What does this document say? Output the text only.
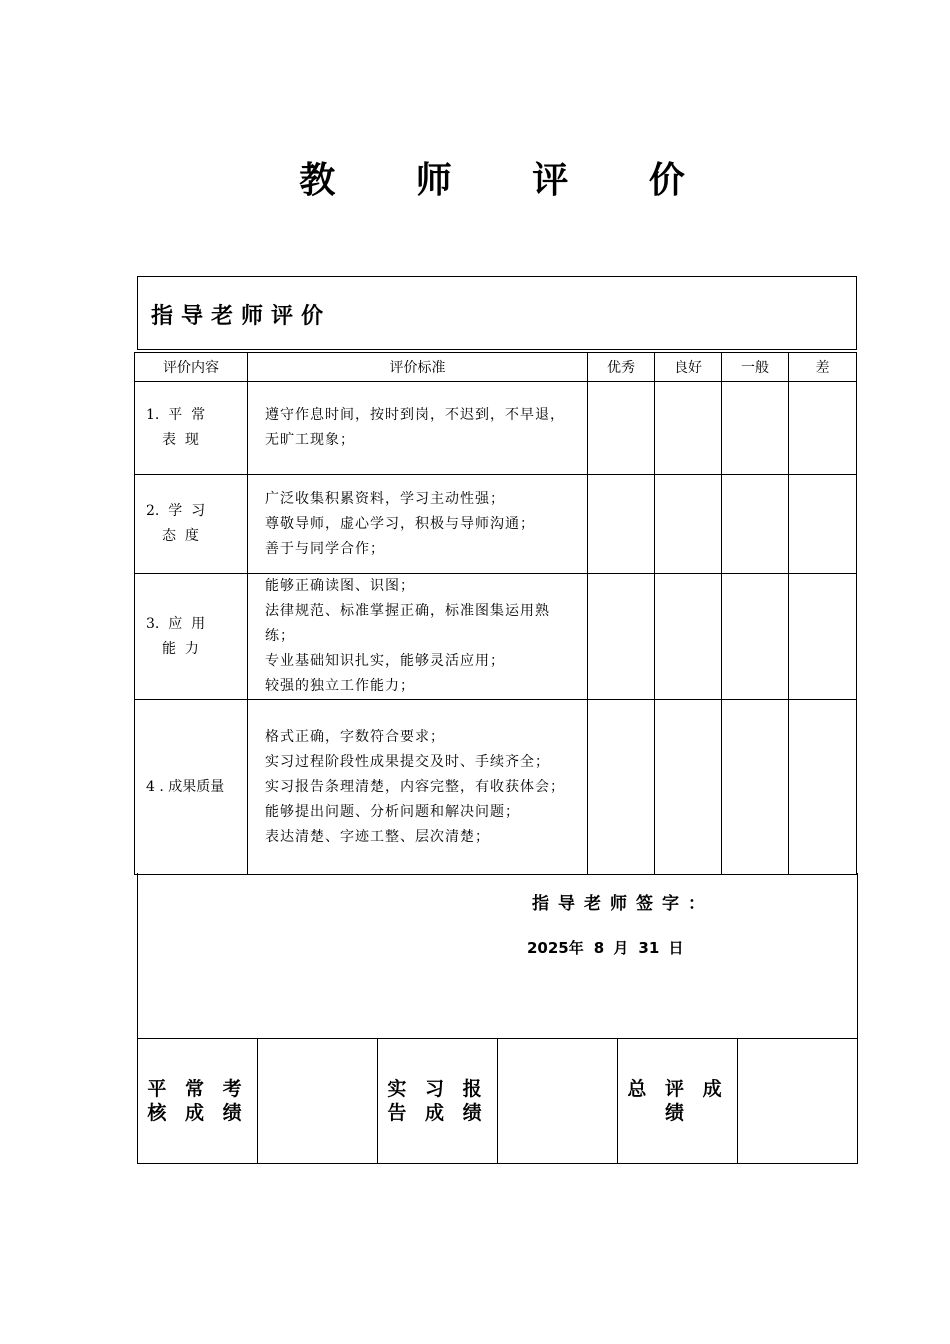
教 师 评 价
指导老师评价
评价内容	评价标准	优秀	良好	一般	差
1.  平  常
表  现	遵守作息时间，按时到岗，不迟到，不早退，无旷工现象；				

2.  学  习
态  度	广泛收集积累资料，学习主动性强；
尊敬导师，虚心学习，积极与导师沟通；
善于与同学合作；				

3.  应  用
能  力	能够正确读图、识图；
法律规范、标准掌握正确，标准图集运用熟练；
专业基础知识扎实，能够灵活应用；
较强的独立工作能力；				

4 . 成果质量	格式正确，字数符合要求；
实习过程阶段性成果提交及时、手续齐全；
实习报告条理清楚，内容完整，有收获体会；
能够提出问题、分析问题和解决问题；
表达清楚、字迹工整、层次清楚；				

指导老师签字：
2025年 8 月 31 日
平 常 考核 成 绩		实 习 报 告 成 绩		总 评 成 绩	
